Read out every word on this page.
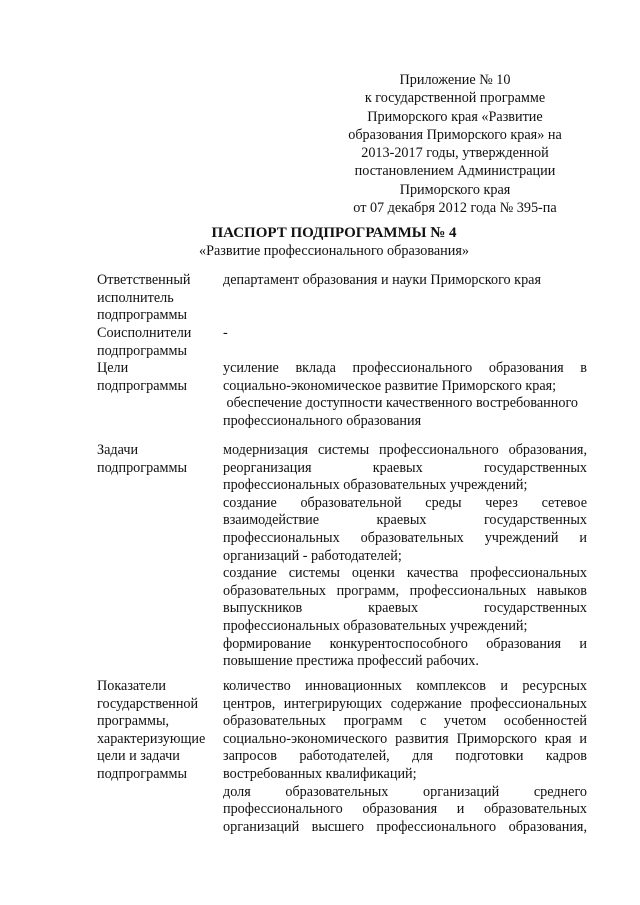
Приложение № 10
к государственной программе
Приморского края «Развитие
образования Приморского края» на
2013-2017 годы, утвержденной
постановлением Администрации
Приморского края
от 07 декабря 2012 года № 395-па
ПАСПОРТ ПОДПРОГРАММЫ № 4
«Развитие профессионального образования»
Ответственный
исполнитель
подпрограммы
департамент образования и науки Приморского края
Соисполнители
подпрограммы
-
Цели
подпрограммы
усиление вклада профессионального образования в
социально-экономическое развитие Приморского края;
обеспечение доступности качественного востребованного
профессионального образования
Задачи
подпрограммы
модернизация системы профессионального образования,
реорганизация краевых государственных
профессиональных образовательных учреждений;
создание образовательной среды через сетевое
взаимодействие краевых государственных
профессиональных образовательных учреждений и
организаций - работодателей;
создание системы оценки качества профессиональных
образовательных программ, профессиональных навыков
выпускников краевых государственных
профессиональных образовательных учреждений;
формирование конкурентоспособного образования и
повышение престижа профессий рабочих.
Показатели
государственной
программы,
характеризующие
цели и задачи
подпрограммы
количество инновационных комплексов и ресурсных
центров, интегрирующих содержание профессиональных
образовательных программ с учетом особенностей
социально-экономического развития Приморского края и
запросов работодателей, для подготовки кадров
востребованных квалификаций;
доля образовательных организаций среднего
профессионального образования и образовательных
организаций высшего профессионального образования,
